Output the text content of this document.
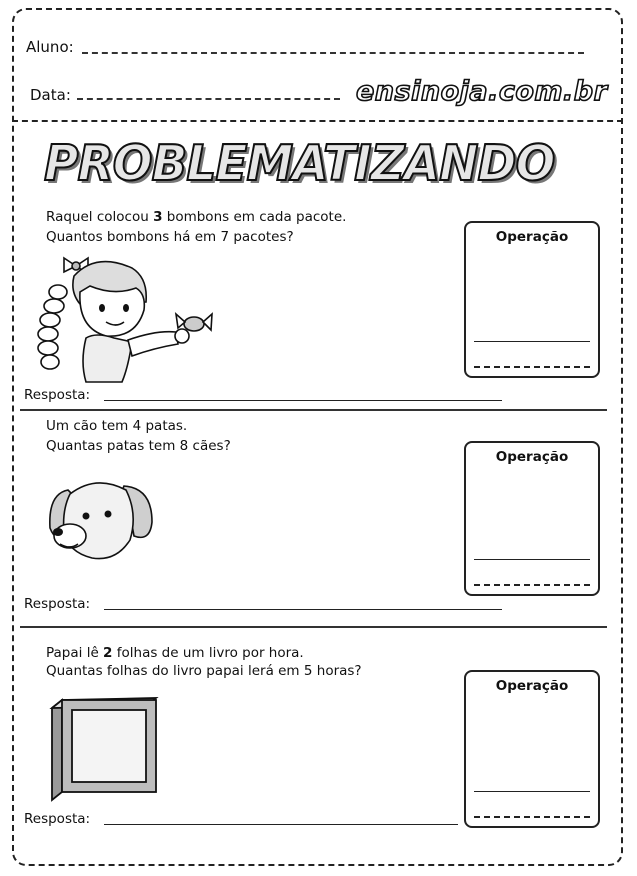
Aluno:
Data:	ensinoja.com.br
PROBLEMATIZANDO
Raquel colocou 3 bombons em cada pacote.
Quantos bombons há em 7 pacotes?	Operação
Resposta:
Um cão tem 4 patas.
Quantas patas tem 8 cães?
Operação
Resposta:
Papai lê 2 folhas de um livro por hora.
Quantas folhas do livro papai lerá em 5 horas?
Operação
Resposta:
